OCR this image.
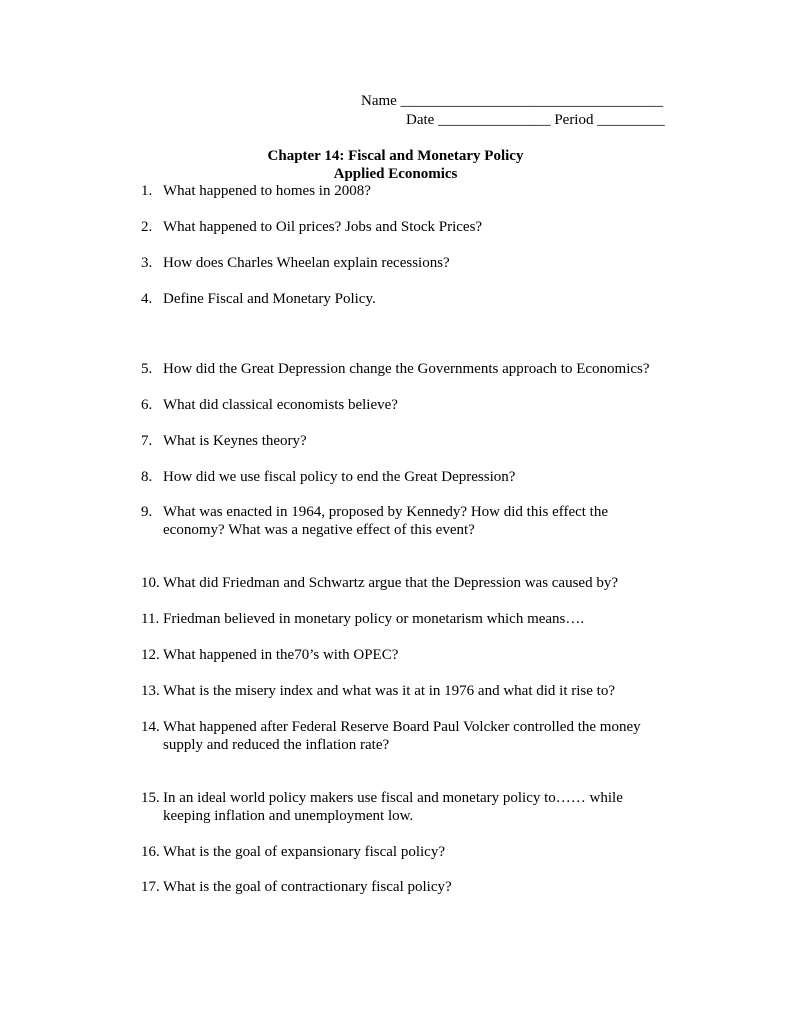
Name ___________________________________
Date _______________ Period _________
Chapter 14: Fiscal and Monetary Policy
Applied Economics
1. What happened to homes in 2008?
2. What happened to Oil prices? Jobs and Stock Prices?
3. How does Charles Wheelan explain recessions?
4. Define Fiscal and Monetary Policy.
5. How did the Great Depression change the Governments approach to Economics?
6. What did classical economists believe?
7. What is Keynes theory?
8. How did we use fiscal policy to end the Great Depression?
9. What was enacted in 1964, proposed by Kennedy? How did this effect the economy? What was a negative effect of this event?
10. What did Friedman and Schwartz argue that the Depression was caused by?
11. Friedman believed in monetary policy or monetarism which means….
12. What happened in the70’s with OPEC?
13. What is the misery index and what was it at in 1976 and what did it rise to?
14. What happened after Federal Reserve Board Paul Volcker controlled the money supply and reduced the inflation rate?
15. In an ideal world policy makers use fiscal and monetary policy to…… while keeping inflation and unemployment low.
16. What is the goal of expansionary fiscal policy?
17. What is the goal of contractionary fiscal policy?
